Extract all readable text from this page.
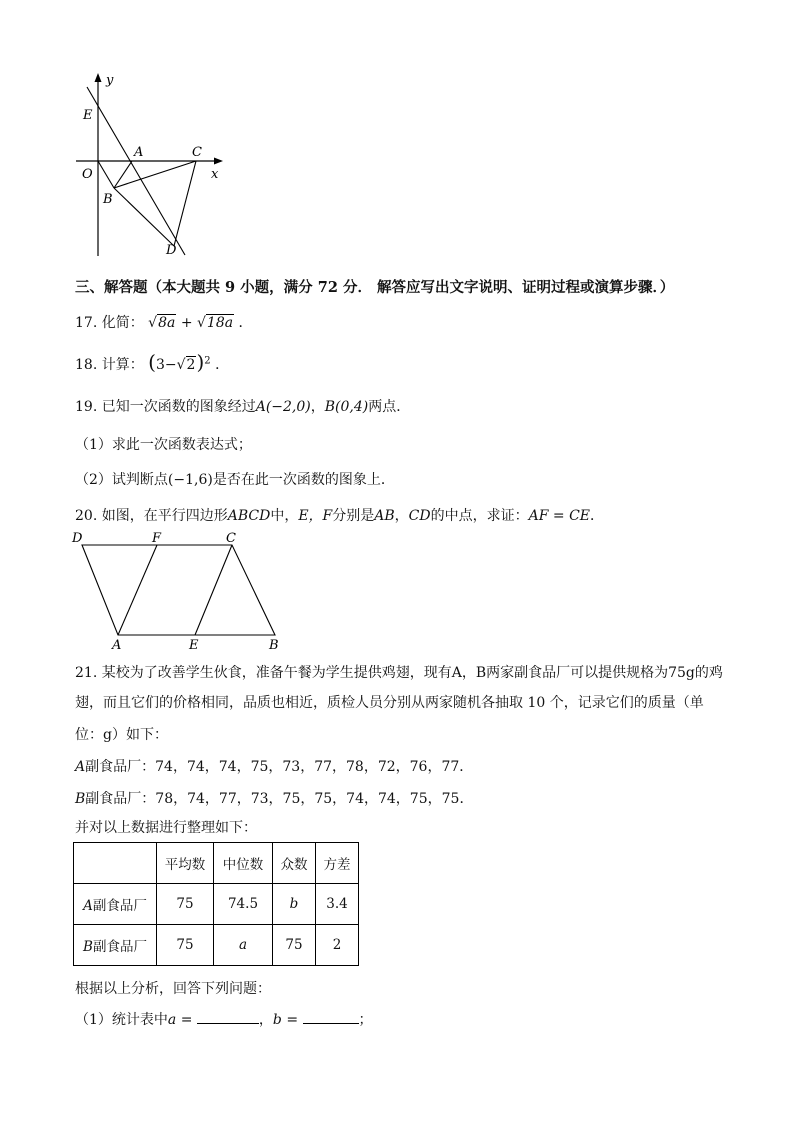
y
x
E
A	C
O
B
D
三、解答题（本大题共 9 小题，满分 72 分． 解答应写出文字说明、证明过程或演算步骤．）
17. 化简： √8a + √18a ．
18. 计算： $(3-√2)^2$ ．
19. 已知一次函数的图象经过A(−2,0)，B(0,4)两点．
（1）求此一次函数表达式；
（2）试判断点(−1,6)是否在此一次函数的图象上．
20. 如图，在平行四边形ABCD中，E，F分别是AB，CD的中点，求证：AF = CE．
D	F	C
A	E	B
21. 某校为了改善学生伙食，准备午餐为学生提供鸡翅，现有A，B两家副食品厂可以提供规格为75g的鸡
翅，而且它们的价格相同，品质也相近，质检人员分别从两家随机各抽取 10 个，记录它们的质量（单
位：g）如下：
A副食品厂：74，74，74，75，73，77，78，72，76，77．
B副食品厂：78，74，77，73，75，75，74，74，75，75．
并对以上数据进行整理如下：
	平均数	中位数	众数	方差
A副食品厂	75	74.5	b	3.4
B副食品厂	75	a	75	2
根据以上分析，回答下列问题：
（1）统计表中a =	，b =	；
